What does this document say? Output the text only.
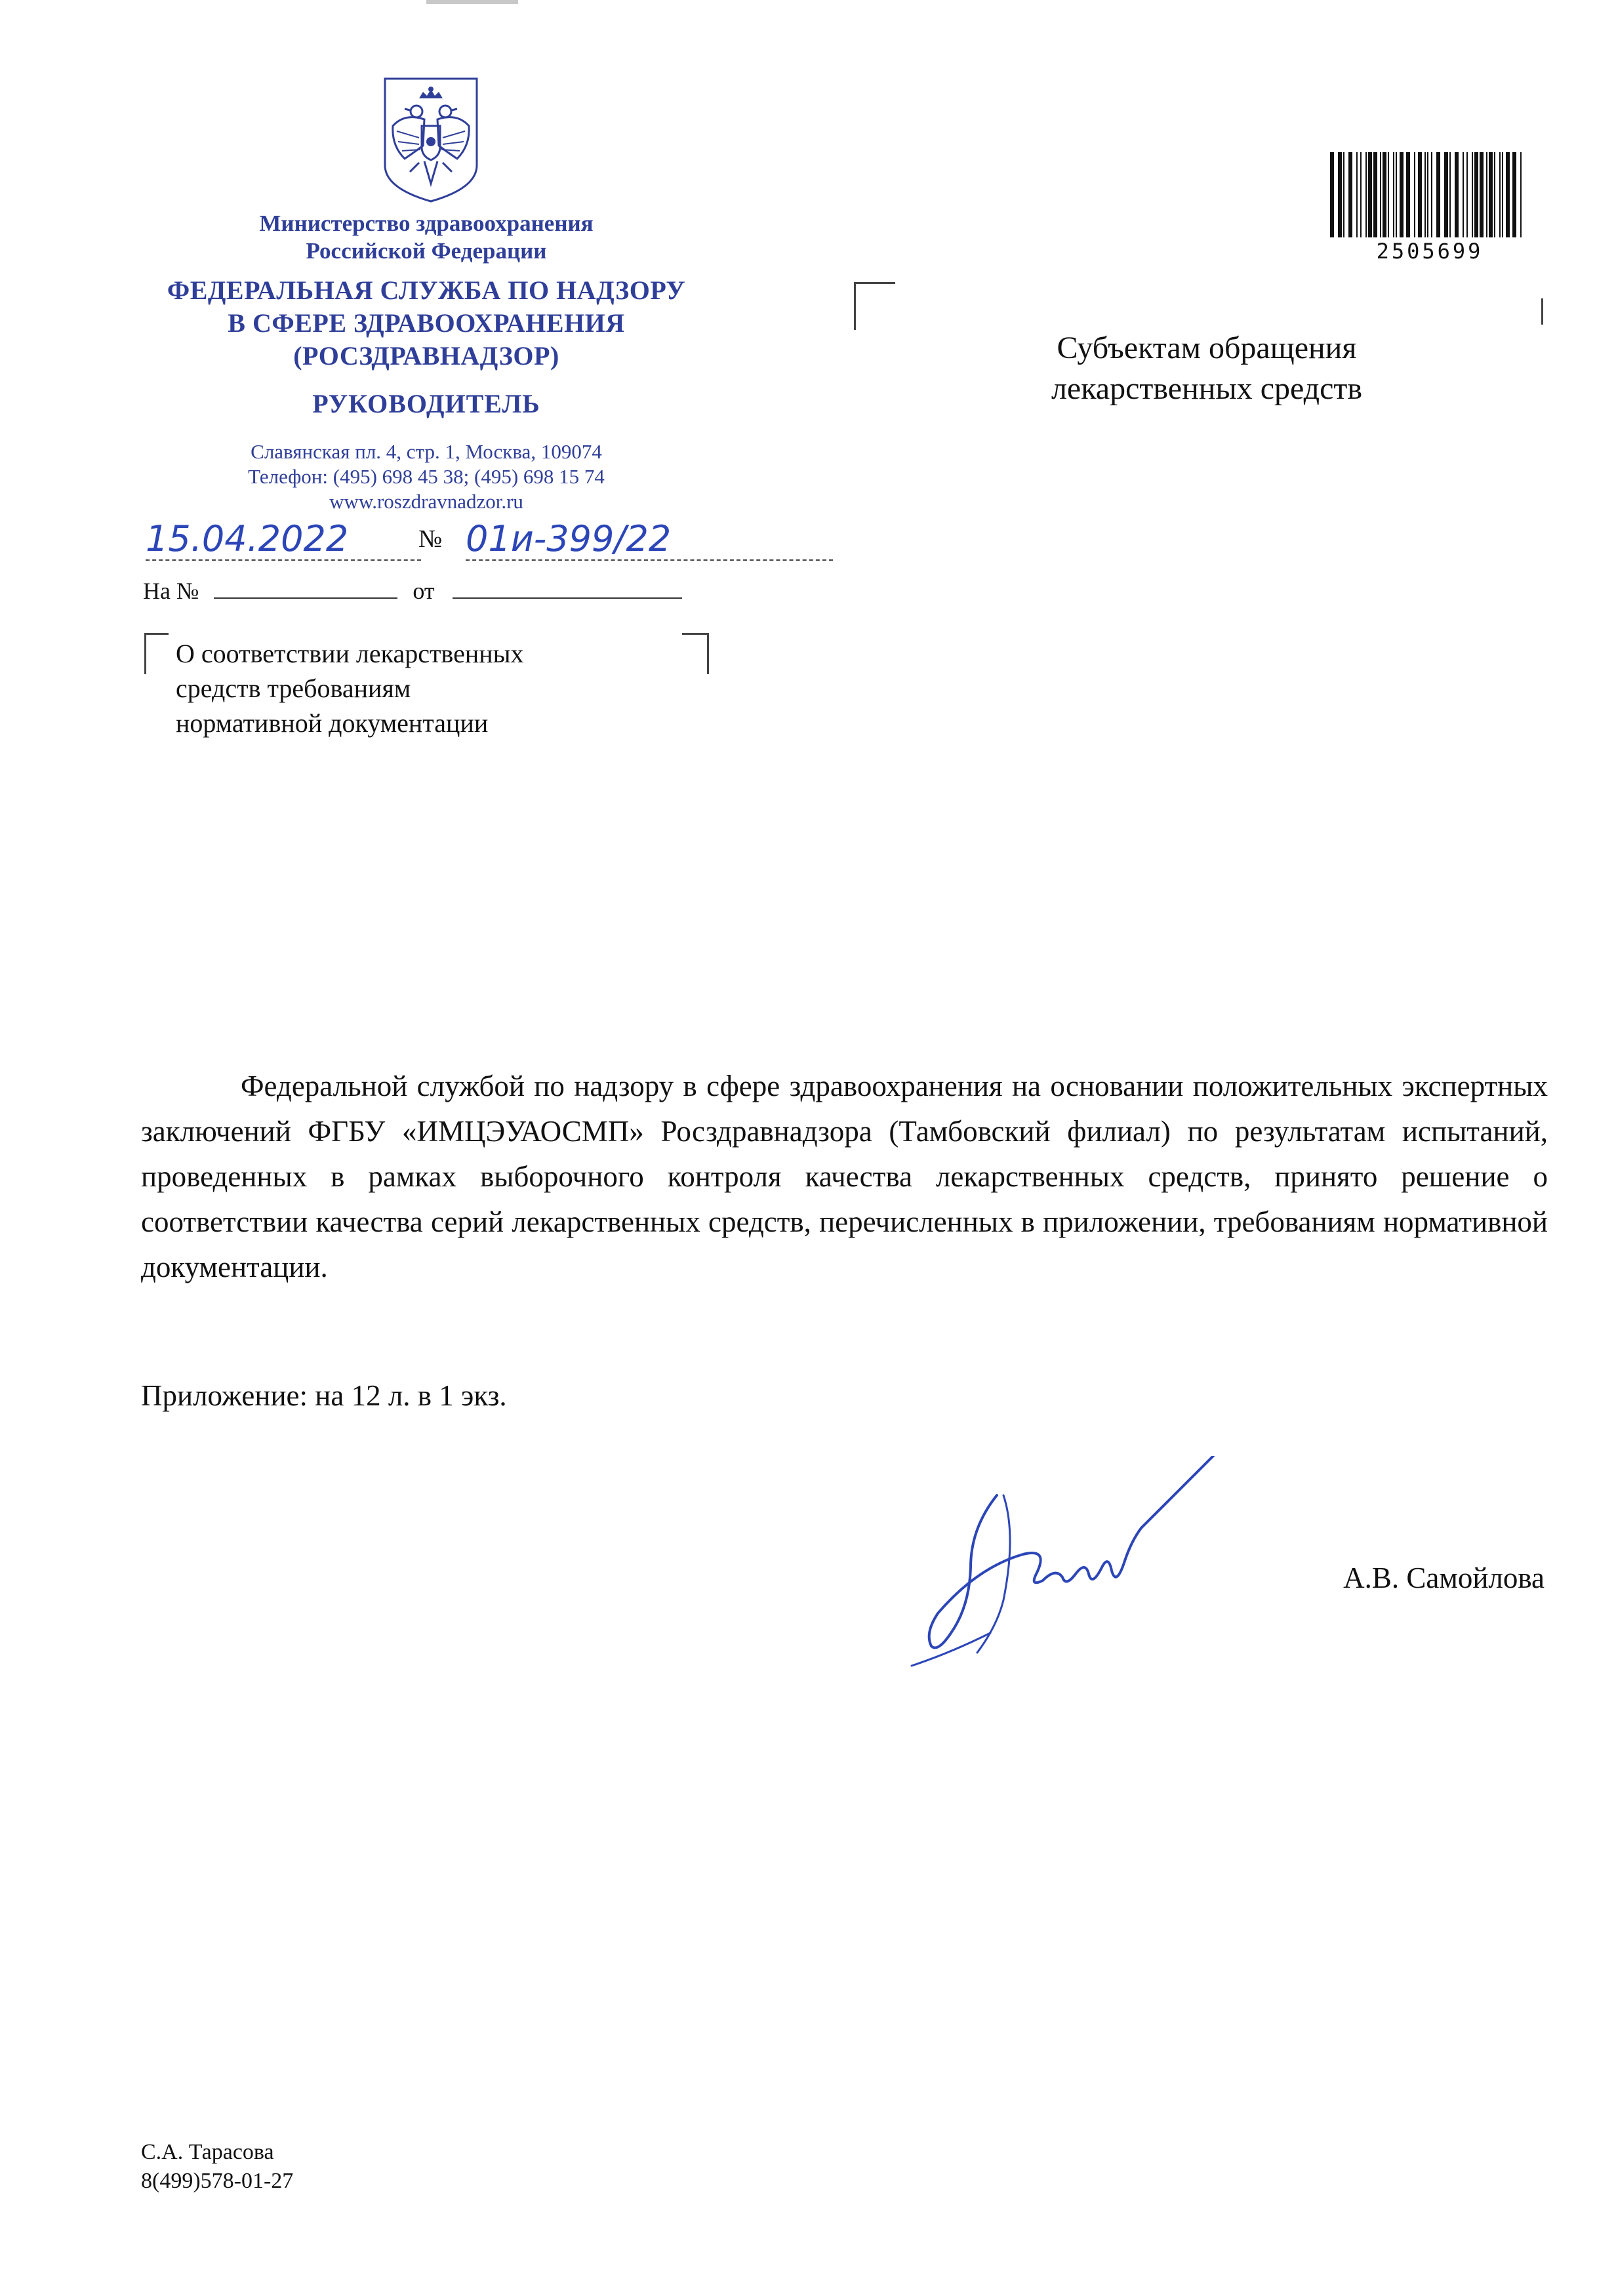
Министерство здравоохранения
Российской Федерации
ФЕДЕРАЛЬНАЯ СЛУЖБА ПО НАДЗОРУ
В СФЕРЕ ЗДРАВООХРАНЕНИЯ
(РОСЗДРАВНАДЗОР)
РУКОВОДИТЕЛЬ
Славянская пл. 4, стр. 1, Москва, 109074
Телефон: (495) 698 45 38; (495) 698 15 74
www.roszdravnadzor.ru
15.04.2022	№ 01и-399/22
На №	от
О соответствии лекарственных
средств требованиям
нормативной документации
Субъектам обращения
лекарственных средств
2505699
Федеральной службой по надзору в сфере здравоохранения на основании положительных экспертных заключений ФГБУ «ИМЦЭУАОСМП» Росздравнадзора (Тамбовский филиал) по результатам испытаний, проведенных в рамках выборочного контроля качества лекарственных средств, принято решение о соответствии качества серий лекарственных средств, перечисленных в приложении, требованиям нормативной документации.
Приложение: на 12 л. в 1 экз.
А.В. Самойлова
С.А. Тарасова
8(499)578-01-27
